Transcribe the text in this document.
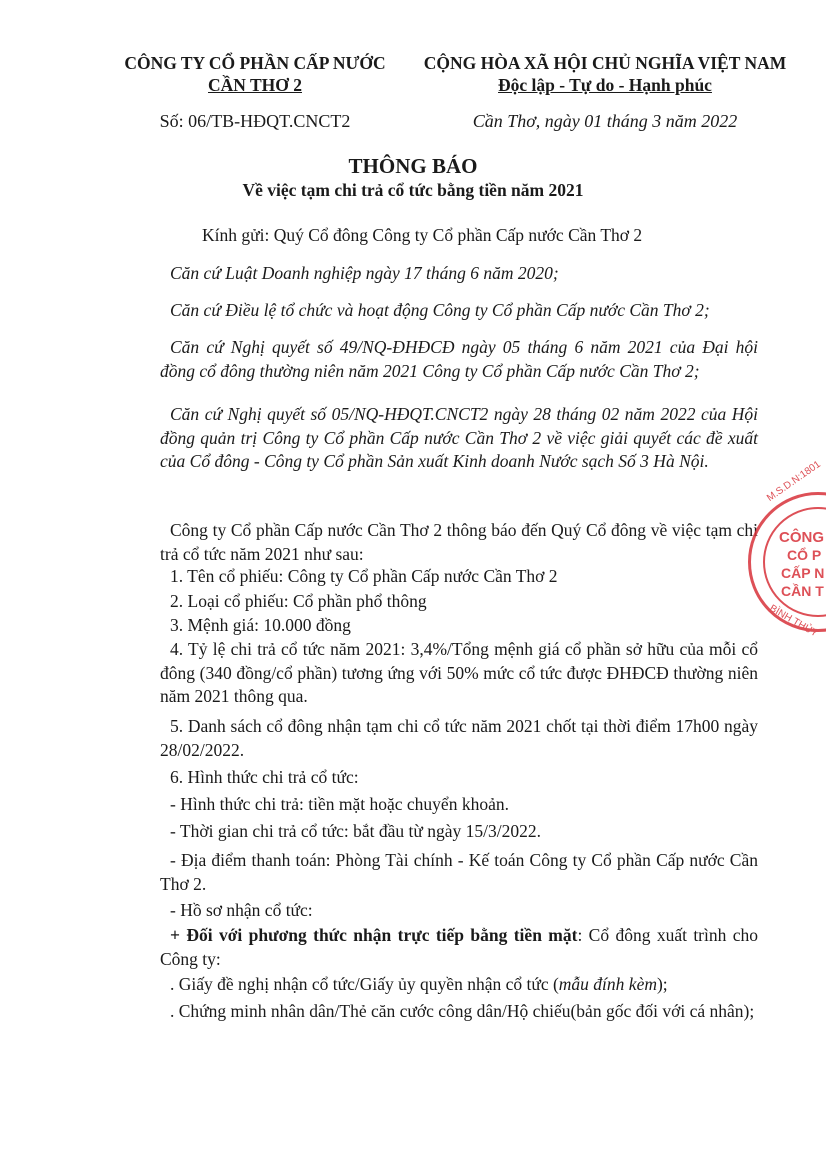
CÔNG TY CỔ PHẦN CẤP NƯỚC
CẦN THƠ 2
Số: 06/TB-HĐQT.CNCT2
CỘNG HÒA XÃ HỘI CHỦ NGHĨA VIỆT NAM
Độc lập - Tự do - Hạnh phúc
Cần Thơ, ngày 01 tháng 3 năm 2022
THÔNG BÁO
Về việc tạm chi trả cổ tức bằng tiền năm 2021

Kính gửi: Quý Cổ đông Công ty Cổ phần Cấp nước Cần Thơ 2

Căn cứ Luật Doanh nghiệp ngày 17 tháng 6 năm 2020;

Căn cứ Điều lệ tổ chức và hoạt động Công ty Cổ phần Cấp nước Cần Thơ 2;

Căn cứ Nghị quyết số 49/NQ-ĐHĐCĐ ngày 05 tháng 6 năm 2021 của Đại hội đồng cổ đông thường niên năm 2021 Công ty Cổ phần Cấp nước Cần Thơ 2;

Căn cứ Nghị quyết số 05/NQ-HĐQT.CNCT2 ngày 28 tháng 02 năm 2022 của Hội đồng quản trị Công ty Cổ phần Cấp nước Cần Thơ 2 về việc giải quyết các đề xuất của Cổ đông - Công ty Cổ phần Sản xuất Kinh doanh Nước sạch Số 3 Hà Nội.

Công ty Cổ phần Cấp nước Cần Thơ 2 thông báo đến Quý Cổ đông về việc tạm chi trả cổ tức năm 2021 như sau:

1. Tên cổ phiếu: Công ty Cổ phần Cấp nước Cần Thơ 2

2. Loại cổ phiếu: Cổ phần phổ thông

3. Mệnh giá: 10.000 đồng

4. Tỷ lệ chi trả cổ tức năm 2021: 3,4%/Tổng mệnh giá cổ phần sở hữu của mỗi cổ đông (340 đồng/cổ phần) tương ứng với 50% mức cổ tức được ĐHĐCĐ thường niên năm 2021 thông qua.

5. Danh sách cổ đông nhận tạm chi cổ tức năm 2021 chốt tại thời điểm 17h00 ngày 28/02/2022.

6. Hình thức chi trả cổ tức:

- Hình thức chi trả: tiền mặt hoặc chuyển khoản.

- Thời gian chi trả cổ tức: bắt đầu từ ngày 15/3/2022.

- Địa điểm thanh toán: Phòng Tài chính - Kế toán Công ty Cổ phần Cấp nước Cần Thơ 2.

- Hồ sơ nhận cổ tức:

+ Đối với phương thức nhận trực tiếp bằng tiền mặt: Cổ đông xuất trình cho Công ty:

. Giấy đề nghị nhận cổ tức/Giấy ủy quyền nhận cổ tức (mẫu đính kèm);

. Chứng minh nhân dân/Thẻ căn cước công dân/Hộ chiếu(bản gốc đối với cá nhân);

M.S.D.N:1801
CÔNG
CỔ P
CẤP N
CẦN T
BÌNH THỦY
